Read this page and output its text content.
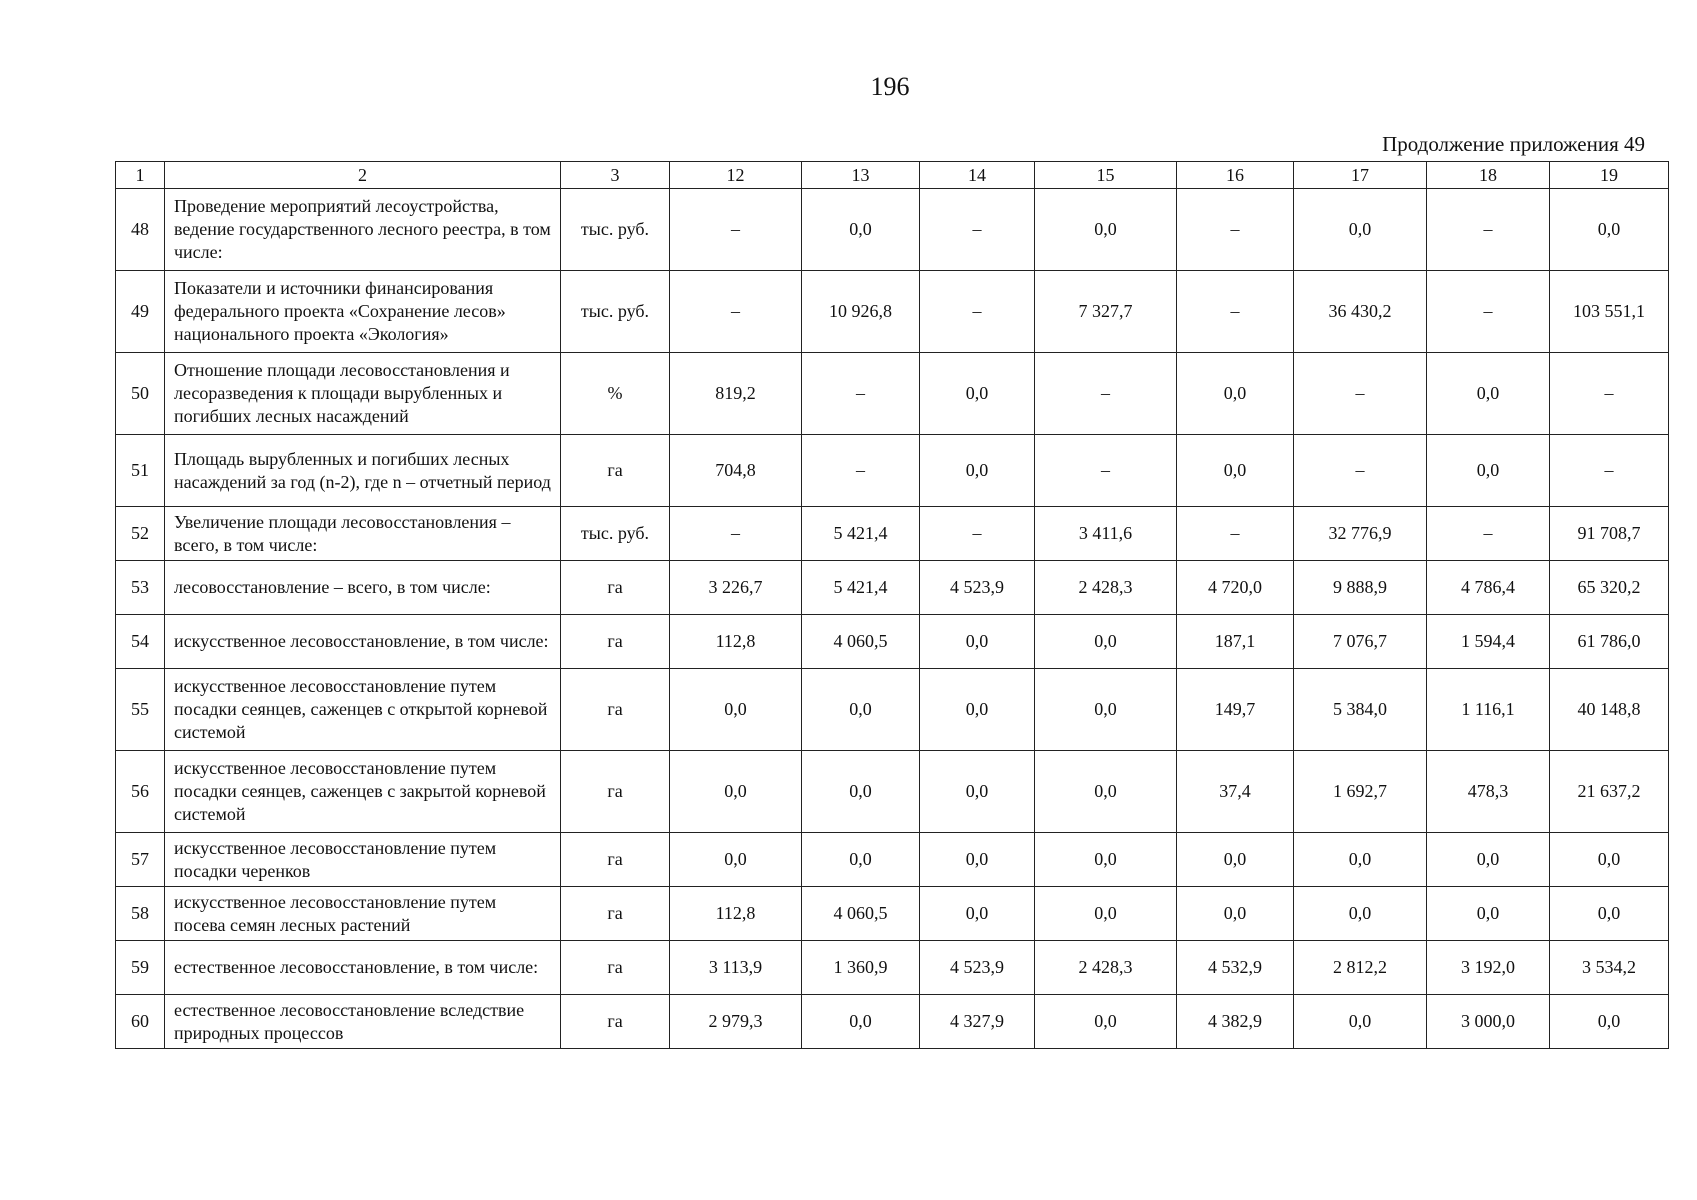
196
Продолжение приложения 49
1	2	3	12	13	14	15	16	17	18	19
48	Проведение мероприятий лесоустройства, ведение государственного лесного реестра, в том числе:	тыс. руб.	–	0,0	–	0,0	–	0,0	–	0,0
49	Показатели и источники финансирования федерального проекта «Сохранение лесов» национального проекта «Экология»	тыс. руб.	–	10 926,8	–	7 327,7	–	36 430,2	–	103 551,1
50	Отношение площади лесовосстановления и лесоразведения к площади вырубленных и погибших лесных насаждений	%	819,2	–	0,0	–	0,0	–	0,0	–
51	Площадь вырубленных и погибших лесных насаждений за год (n-2), где n – отчетный период	га	704,8	–	0,0	–	0,0	–	0,0	–
52	Увеличение площади лесовосстановления – всего, в том числе:	тыс. руб.	–	5 421,4	–	3 411,6	–	32 776,9	–	91 708,7
53	лесовосстановление – всего, в том числе:	га	3 226,7	5 421,4	4 523,9	2 428,3	4 720,0	9 888,9	4 786,4	65 320,2
54	искусственное лесовосстановление, в том числе:	га	112,8	4 060,5	0,0	0,0	187,1	7 076,7	1 594,4	61 786,0
55	искусственное лесовосстановление путем посадки сеянцев, саженцев с открытой корневой системой	га	0,0	0,0	0,0	0,0	149,7	5 384,0	1 116,1	40 148,8
56	искусственное лесовосстановление путем посадки сеянцев, саженцев с закрытой корневой системой	га	0,0	0,0	0,0	0,0	37,4	1 692,7	478,3	21 637,2
57	искусственное лесовосстановление путем посадки черенков	га	0,0	0,0	0,0	0,0	0,0	0,0	0,0	0,0
58	искусственное лесовосстановление путем посева семян лесных растений	га	112,8	4 060,5	0,0	0,0	0,0	0,0	0,0	0,0
59	естественное лесовосстановление, в том числе:	га	3 113,9	1 360,9	4 523,9	2 428,3	4 532,9	2 812,2	3 192,0	3 534,2
60	естественное лесовосстановление вследствие природных процессов	га	2 979,3	0,0	4 327,9	0,0	4 382,9	0,0	3 000,0	0,0
